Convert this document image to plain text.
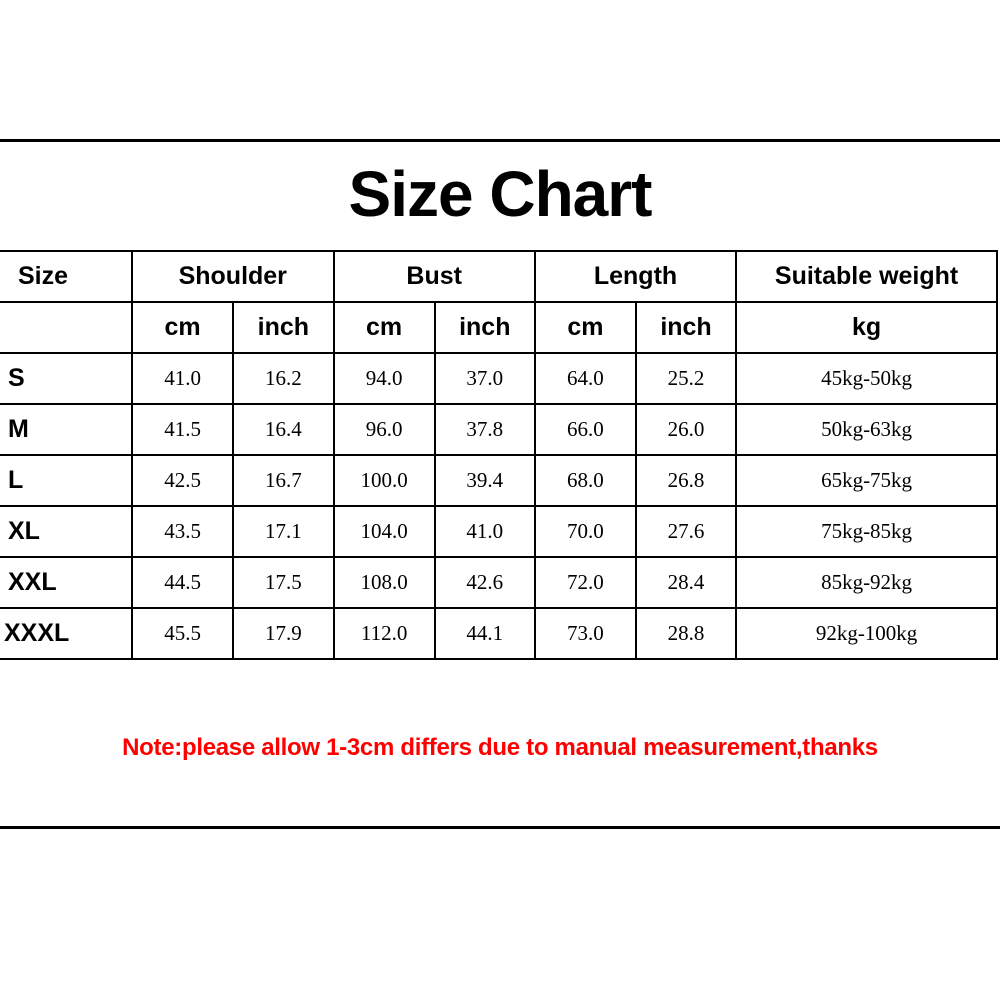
Size Chart
Size	Shoulder		Bust		Length		Suitable weight
	cm	inch	cm	inch	cm	inch	kg
S	41.0	16.2	94.0	37.0	64.0	25.2	45kg-50kg
M	41.5	16.4	96.0	37.8	66.0	26.0	50kg-63kg
L	42.5	16.7	100.0	39.4	68.0	26.8	65kg-75kg
XL	43.5	17.1	104.0	41.0	70.0	27.6	75kg-85kg
XXL	44.5	17.5	108.0	42.6	72.0	28.4	85kg-92kg
XXXL	45.5	17.9	112.0	44.1	73.0	28.8	92kg-100kg

Note:please allow 1-3cm differs due to manual measurement,thanks
